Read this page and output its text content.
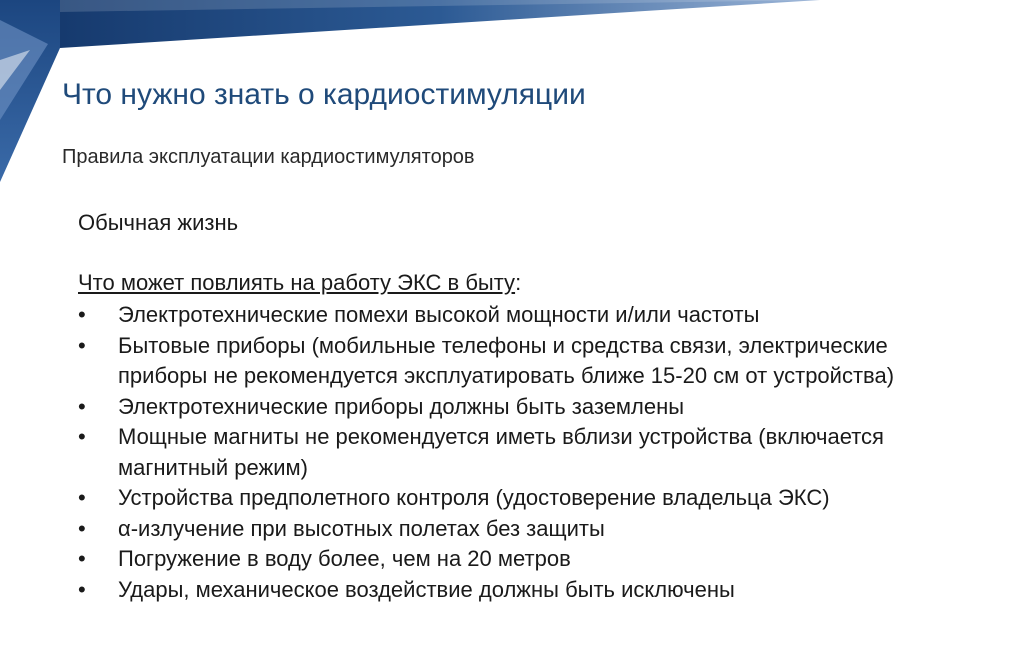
Что нужно знать о кардиостимуляции
Правила эксплуатации кардиостимуляторов
Обычная жизнь
Что может повлиять на работу ЭКС в быту:
•	Электротехнические помехи высокой мощности и/или частоты
•	Бытовые приборы (мобильные телефоны и средства связи, электрические приборы не рекомендуется эксплуатировать ближе 15-20 см от устройства)
•	Электротехнические приборы должны быть заземлены
•	Мощные магниты не рекомендуется иметь вблизи устройства (включается магнитный режим)
•	Устройства предполетного контроля (удостоверение владельца ЭКС)
•	α-излучение при высотных полетах без защиты
•	Погружение в воду более, чем на 20 метров
•	Удары, механическое воздействие должны быть исключены
